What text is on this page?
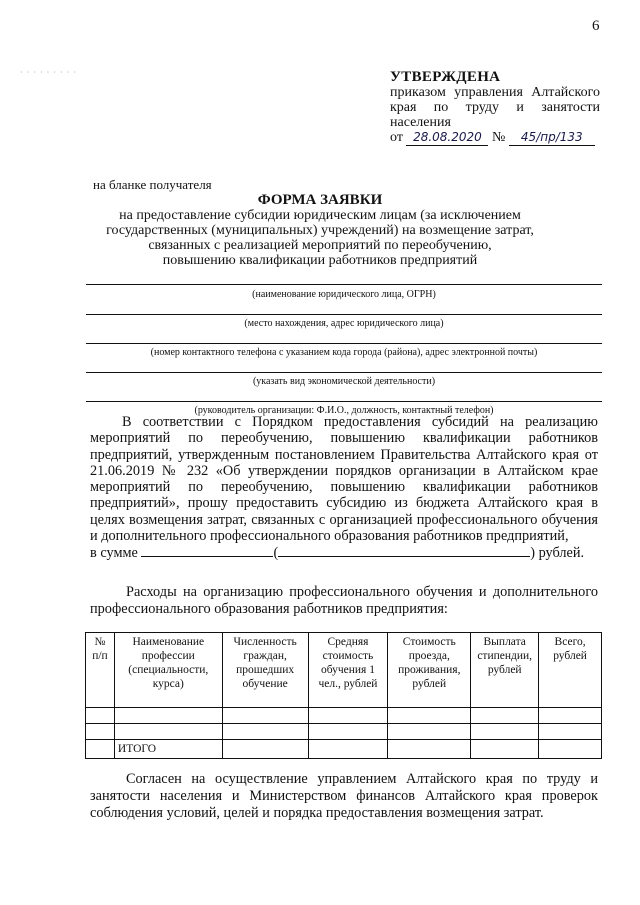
6
· · · · · · · · ·	УТВЕРЖДЕНА
приказом управления Алтайского края по труду и занятости населения
от 28.08.2020 № 45/пр/133
на бланке получателя
ФОРМА ЗАЯВКИ
на предоставление субсидии юридическим лицам (за исключением
государственных (муниципальных) учреждений) на возмещение затрат,
связанных с реализацией мероприятий по переобучению,
повышению квалификации работников предприятий
(наименование юридического лица, ОГРН)
(место нахождения, адрес юридического лица)
(номер контактного телефона с указанием кода города (района), адрес электронной почты)
(указать вид экономической деятельности)
(руководитель организации: Ф.И.О., должность, контактный телефон)

В соответствии с Порядком предоставления субсидий на реализацию мероприятий по переобучению, повышению квалификации работников предприятий, утвержденным постановлением Правительства Алтайского края от 21.06.2019 № 232 «Об утверждении порядков организации в Алтайском крае мероприятий по переобучению, повышению квалификации работников предприятий», прошу предоставить субсидию из бюджета Алтайского края в целях возмещения затрат, связанных с организацией профессионального обучения и дополнительного профессионального образования работников предприятий,
в сумме	(	) рублей.

Расходы на организацию профессионального обучения и дополнительного профессионального образования работников предприятия:

№ п/п	Наименование профессии (специальности, курса)	Численность граждан, прошедших обучение	Средняя стоимость обучения 1 чел., рублей	Стоимость проезда, проживания, рублей	Выплата стипендии, рублей	Всего, рублей

	ИТОГО					

Согласен на осуществление управлением Алтайского края по труду и занятости населения и Министерством финансов Алтайского края проверок соблюдения условий, целей и порядка предоставления возмещения затрат.
